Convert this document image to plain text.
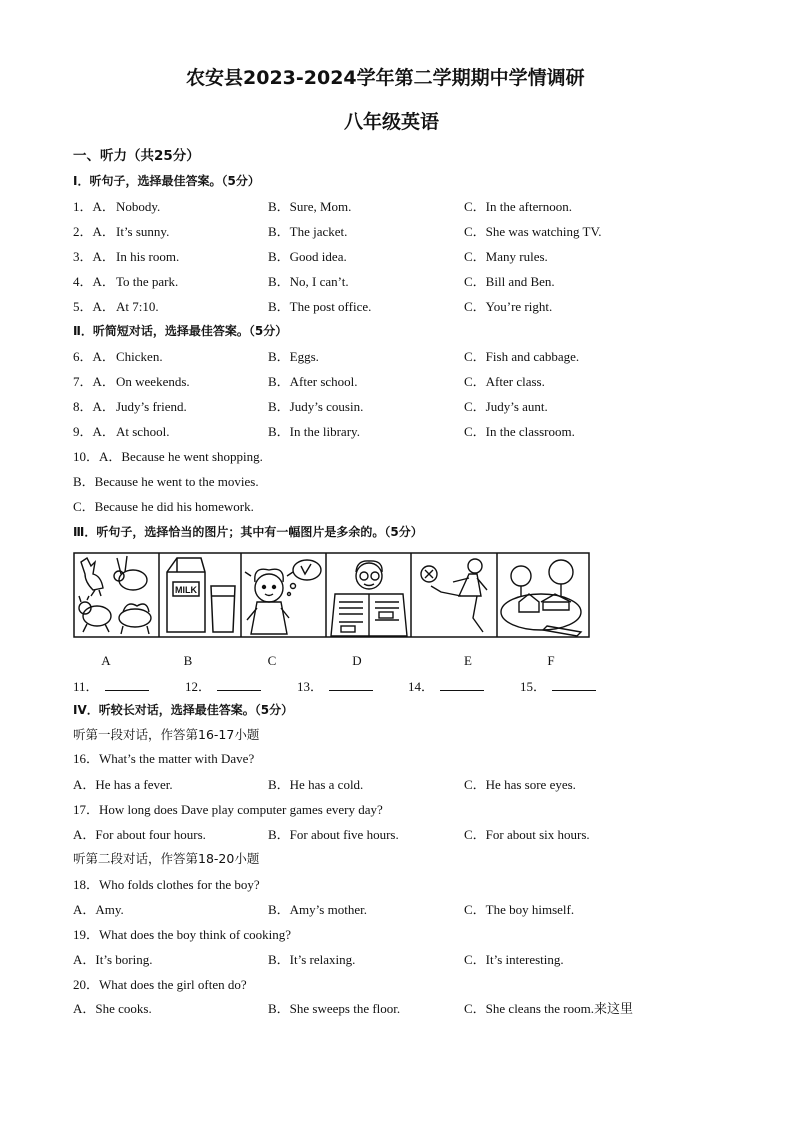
农安县2023-2024学年第二学期期中学情调研
八年级英语
一、听力（共25分）
Ⅰ．听句子，选择最佳答案。（5分）
1．A． Nobody.	B．Sure, Mom.	C．In the afternoon.
2．A． It’s sunny.	B．The jacket.	C．She was watching TV.
3．A． In his room.	B．Good idea.	C．Many rules.
4．A． To the park.	B．No, I can’t.	C．Bill and Ben.
5．A． At 7:10.	B．The post office.	C．You’re right.
Ⅱ．听简短对话，选择最佳答案。（5分）
6．A． Chicken.	B．Eggs.	C．Fish and cabbage.
7．A． On weekends.	B．After school.	C．After class.
8．A． Judy’s friend.	B．Judy’s cousin.	C．Judy’s aunt.
9．A． At school.	B．In the library.	C．In the classroom.
10．A．Because he went shopping.
B．Because he went to the movies.
C．Because he did his homework.
Ⅲ．听句子，选择恰当的图片；其中有一幅图片是多余的。（5分）
MILK
A	B	C	D	E	F
11．	12．	13．	14．	15．
IV．听较长对话，选择最佳答案。（5分）
听第一段对话，作答第16-17小题
16．What’s the matter with Dave?
A．He has a fever.	B．He has a cold.	C．He has sore eyes.
17．How long does Dave play computer games every day?
A．For about four hours.	B．For about five hours.	C．For about six hours.
听第二段对话，作答第18-20小题
18．Who folds clothes for the boy?
A．Amy.	B．Amy’s mother.	C．The boy himself.
19．What does the boy think of cooking?
A．It’s boring.	B．It’s relaxing.	C．It’s interesting.
20．What does the girl often do?
A．She cooks.	B．She sweeps the floor.	C．She cleans the room.来这里
